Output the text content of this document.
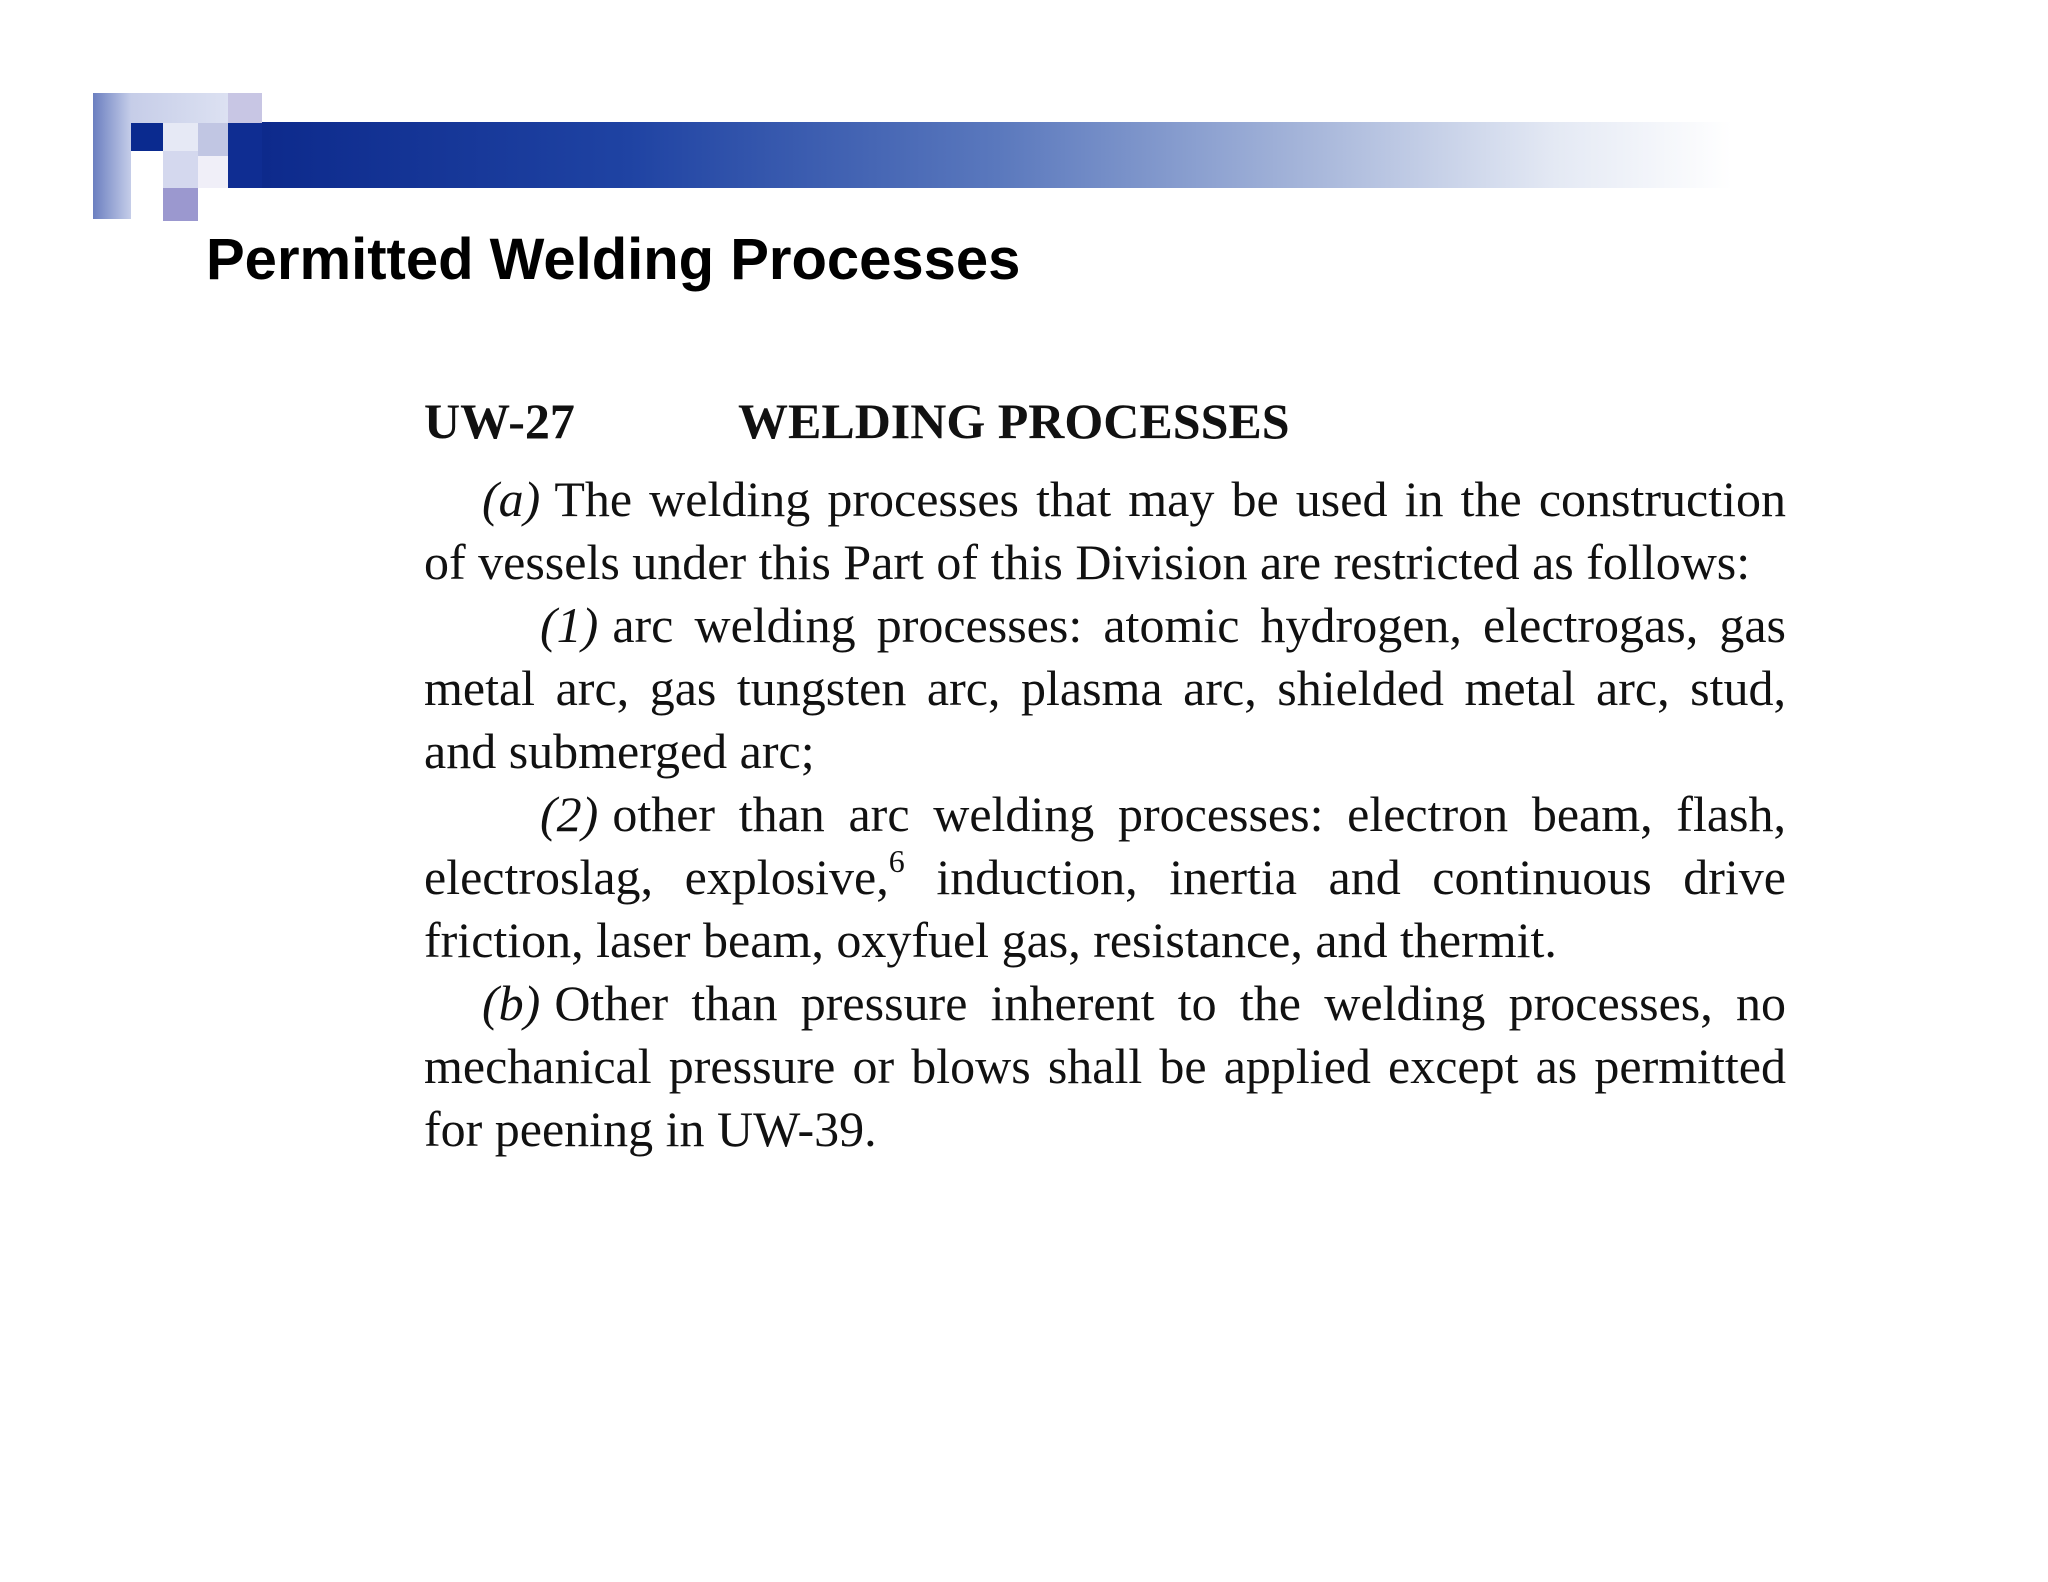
Permitted Welding Processes
UW-27	WELDING PROCESSES

(a) The welding processes that may be used in the construction of vessels under this Part of this Division are restricted as follows:

(1) arc welding processes: atomic hydrogen, electrogas, gas metal arc, gas tungsten arc, plasma arc, shielded metal arc, stud, and submerged arc;

(2) other than arc welding processes: electron beam, flash, electroslag, explosive,$^6$ induction, inertia and continuous drive friction, laser beam, oxyfuel gas, resistance, and thermit.

(b) Other than pressure inherent to the welding processes, no mechanical pressure or blows shall be applied except as permitted for peening in UW-39.
